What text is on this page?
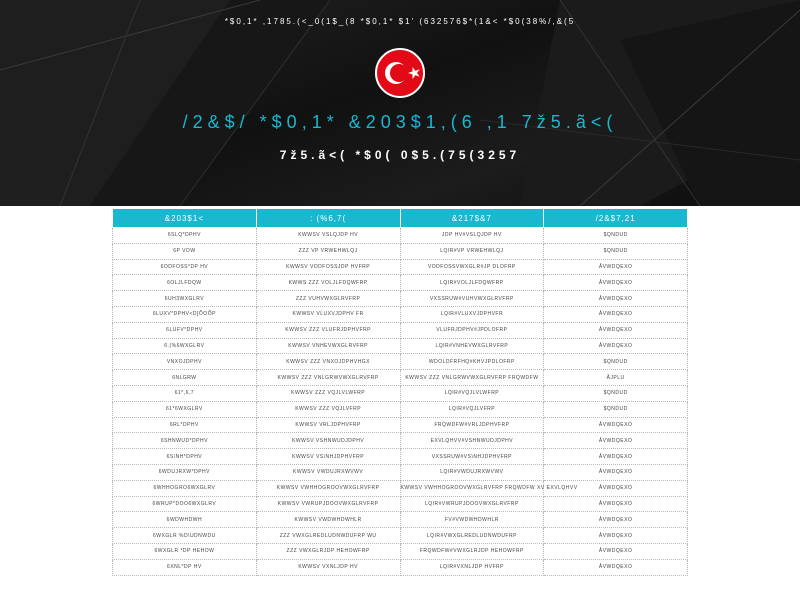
*$0,1* ,1785.(<_0(1$_(8 *$0,1* $1' (632576$*(1&< *$0(38%/,&(5
/2&$/ *$0,1* &203$1,(6 ,1 7ž5.ã<(
7ž5.ã<( *$0( 0$5.(75(3257
&203$1<	: (%6,7(	&217$&7	/2&$7,21
6SLQ*DPHV	KWWSV VSLQJDP HV	JDP HV#VSLQJDP HV	$QNDUD
6P VOW	ZZZ VP VRWEHWLQJ	LQIR#VP VRWEHWLQJ	$QNDUD
6ODFOSS*DP HV	KWWSV VODFOSSJDP HVFRP	VODFOSSVWXGLR#JP DLOFRP	ÅVWDQEXO
6OLJLFDQW	KWWS ZZZ VOLJLFDQWFRP	LQIR#VOLJLFDQWFRP	ÅVWDQEXO
6UH3WXGLRV	ZZZ VUHVWXGLRVFRP	VXSSRUW#VUHVWXGLRVFRP	ÅVWDQEXO
6LUXV*DPHV<D]ÕOÕP	KWWSV VLUXVJDPHV FR	LQIR#VLUXVJDPHVFR	ÅVWDQEXO
6LUFV*DPHV	KWWSV ZZZ VLUFRJDPHVFRP	VLUFRJDPHV#JPDLOFRP	ÅVWDQEXO
6.(%6WXGLRV	KWWSV VNHEVWXGLRVFRP	LQIR#VNHEVWXGLRVFRP	ÅVWDQEXO
VNXOJDPHV	KWWSV ZZZ VNXOJDPHVHGX	WDOLDFRFHQ#KHVJPDLOFRP	$QNDUD
6NLGRW	KWWSV ZZZ VNLGRWVWXGLRVFRP	KWWSV ZZZ VNLGRWVWXGLRVFRP FRQWDFW	ÅJPLU
61*,6,7	KWWSV ZZZ VQJLVLWFRP	LQIR#VQJLVLWFRP	$QNDUD
61*6WXGLRV	KWWSV ZZZ VQJLVFRP	LQIR#VQJLVFRP	$QNDUD
6RL*DPHV	KWWSV VRLJDPHVFRP	FRQWDFW#VRLJDPHVFRP	ÅVWDQEXO
6SHNWUD*DPHV	KWWSV VSHNWUDJDPHV	EXVLQHVV#VSHNWUDJDPHV	ÅVWDQEXO
6S\NH*DPHV	KWWSV VS\NHJDPHVFRP	VXSSRUW#VS\NHJDPHVFRP	ÅVWDQEXO
6WDUJRXW*DPHV	KWWSV VWDUJRXWVWV	LQIR#VWDUJRXWVWV	ÅVWDQEXO
6WHHOGRO6WXGLRV	KWWSV VWHHOGROOVWXGLRVFRP	KWWSV VWHHOGROOVWXGLRVFRP FRQWDFW XV EXVLQHVV	ÅVWDQEXO
6WRUP*DOO6WXGLRV	KWWSV VWRUPJDOOVWXGLRVFRP	LQIR#VWRUPJDOOVWXGLRVFRP	ÅVWDQEXO
6WDWHDWH	KWWSV VWDWHDWHLR	FV#VWDWHDWHLR	ÅVWDQEXO
6WXGLR %D\UDNWDU	ZZZ VWXGLREDLUDNWDUFRP WU	LQIR#VWXGLREDLUDNWDUFRP	ÅVWDQEXO
6WXGLR *DP HEHOW	ZZZ VWXGLRJDP HEHOWFRP	FRQWDFW#VWXGLRJDP HEHOWFRP	ÅVWDQEXO
6XNL*DP HV	KWWSV VXNLJDP HV	LQIR#VXNLJDP HVFRP	ÅVWDQEXO
